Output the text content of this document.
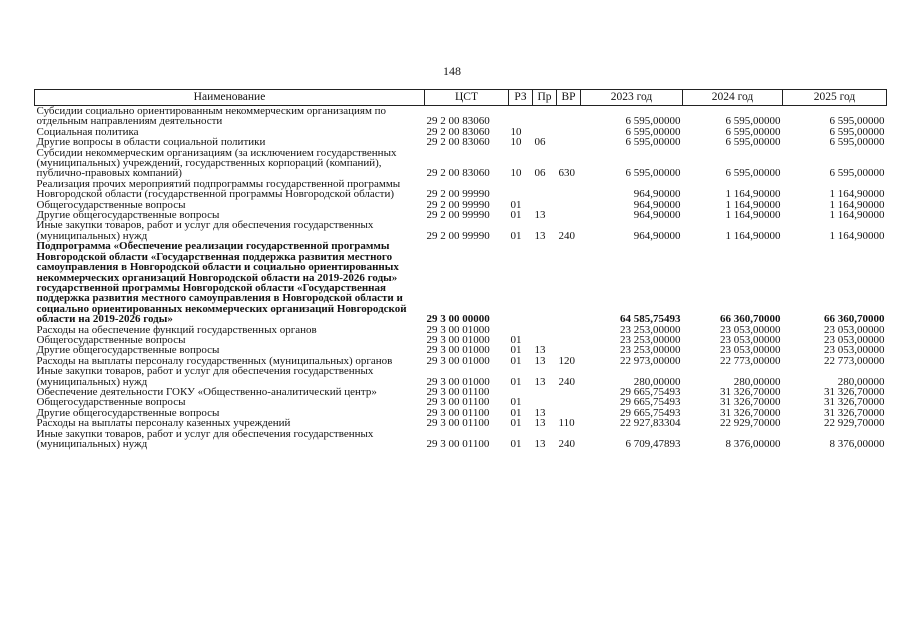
148
Наименование	ЦСТ	РЗ	Пр	ВР	2023 год	2024 год	2025 год
Субсидии социально ориентированным некоммерческим организациям по отдельным направлениям деятельности	29 2 00 83060				6 595,00000	6 595,00000	6 595,00000
Социальная политика	29 2 00 83060	10			6 595,00000	6 595,00000	6 595,00000
Другие вопросы в области социальной политики	29 2 00 83060	10	06		6 595,00000	6 595,00000	6 595,00000
Субсидии некоммерческим организациям (за исключением государственных (муниципальных) учреждений, государственных корпораций (компаний), публично-правовых компаний)	29 2 00 83060	10	06	630	6 595,00000	6 595,00000	6 595,00000
Реализация прочих мероприятий подпрограммы государственной программы Новгородской области (государственной программы Новгородской области)	29 2 00 99990				964,90000	1 164,90000	1 164,90000
Общегосударственные вопросы	29 2 00 99990	01			964,90000	1 164,90000	1 164,90000
Другие общегосударственные вопросы	29 2 00 99990	01	13		964,90000	1 164,90000	1 164,90000
Иные закупки товаров, работ и услуг для обеспечения государственных (муниципальных) нужд	29 2 00 99990	01	13	240	964,90000	1 164,90000	1 164,90000
Подпрограмма «Обеспечение реализации государственной программы Новгородской области «Государственная поддержка развития местного самоуправления в Новгородской области и социально ориентированных некоммерческих организаций Новгородской области на 2019-2026 годы» государственной программы Новгородской области «Государственная поддержка развития местного самоуправления в Новгородской области и социально ориентированных некоммерческих организаций Новгородской области на 2019-2026 годы»	29 3 00 00000				64 585,75493	66 360,70000	66 360,70000
Расходы на обеспечение функций государственных органов	29 3 00 01000				23 253,00000	23 053,00000	23 053,00000
Общегосударственные вопросы	29 3 00 01000	01			23 253,00000	23 053,00000	23 053,00000
Другие общегосударственные вопросы	29 3 00 01000	01	13		23 253,00000	23 053,00000	23 053,00000
Расходы на выплаты персоналу государственных (муниципальных) органов	29 3 00 01000	01	13	120	22 973,00000	22 773,00000	22 773,00000
Иные закупки товаров, работ и услуг для обеспечения государственных (муниципальных) нужд	29 3 00 01000	01	13	240	280,00000	280,00000	280,00000
Обеспечение деятельности ГОКУ «Общественно-аналитический центр»	29 3 00 01100				29 665,75493	31 326,70000	31 326,70000
Общегосударственные вопросы	29 3 00 01100	01			29 665,75493	31 326,70000	31 326,70000
Другие общегосударственные вопросы	29 3 00 01100	01	13		29 665,75493	31 326,70000	31 326,70000
Расходы на выплаты персоналу казенных учреждений	29 3 00 01100	01	13	110	22 927,83304	22 929,70000	22 929,70000
Иные закупки товаров, работ и услуг для обеспечения государственных (муниципальных) нужд	29 3 00 01100	01	13	240	6 709,47893	8 376,00000	8 376,00000
